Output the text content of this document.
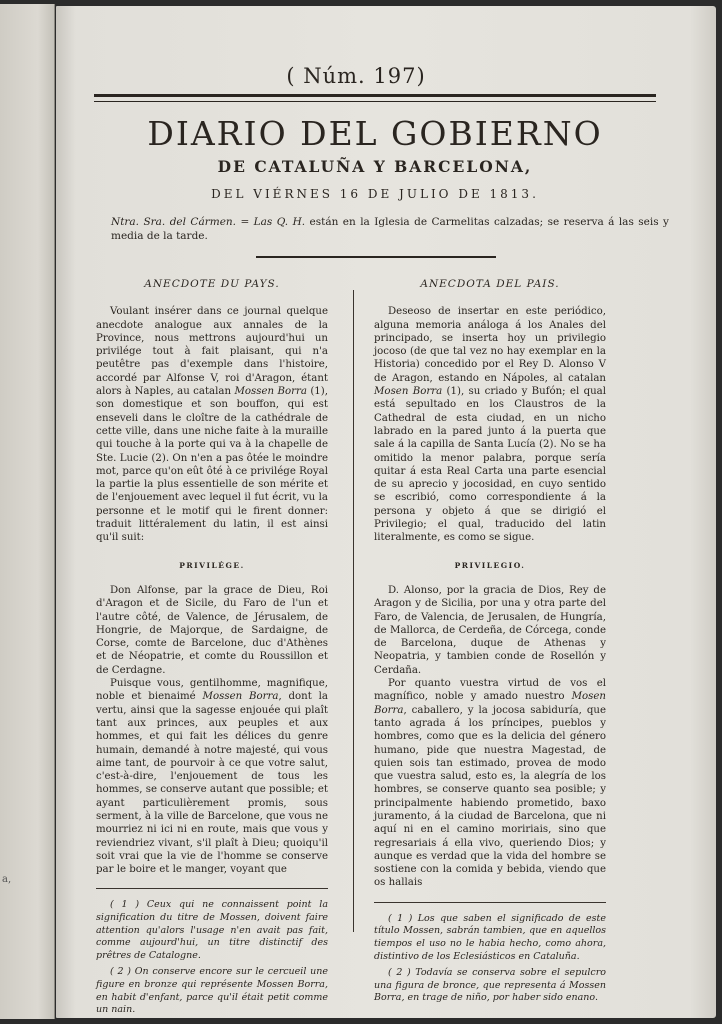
a,
( Núm. 197)
DIARIO DEL GOBIERNO
DE CATALUÑA Y BARCELONA,
DEL VIÉRNES 16 DE JULIO DE 1813.
Ntra. Sra. del Cármen. = Las Q. H. están en la Iglesia de Carmelitas calzadas; se reserva á las seis y media de la tarde.
ANECDOTE DU PAYS.

Voulant insérer dans ce journal quelque anecdote analogue aux annales de la Province, nous mettrons aujourd'hui un privilége tout à fait plaisant, qui n'a peutêtre pas d'exemple dans l'histoire, accordé par Alfonse V, roi d'Aragon, étant alors à Naples, au catalan Mossen Borra (1), son domestique et son bouffon, qui est enseveli dans le cloître de la cathédrale de cette ville, dans une niche faite à la muraille qui touche à la porte qui va à la chapelle de Ste. Lucie (2). On n'en a pas ôtée le moindre mot, parce qu'on eût ôté à ce privilége Royal la partie la plus essentielle de son mérite et de l'enjouement avec lequel il fut écrit, vu la personne et le motif qui le firent donner: traduit littéralement du latin, il est ainsi qu'il suit:

PRIVILÉGE.

Don Alfonse, par la grace de Dieu, Roi d'Aragon et de Sicile, du Faro de l'un et l'autre côté, de Valence, de Jérusalem, de Hongrie, de Majorque, de Sardaigne, de Corse, comte de Barcelone, duc d'Athènes et de Néopatrie, et comte du Roussillon et de Cerdagne.

Puisque vous, gentilhomme, magnifique, noble et bienaimé Mossen Borra, dont la vertu, ainsi que la sagesse enjouée qui plaît tant aux princes, aux peuples et aux hommes, et qui fait les délices du genre humain, demandé à notre majesté, qui vous aime tant, de pourvoir à ce que votre salut, c'est-à-dire, l'enjouement de tous les hommes, se conserve autant que possible; et ayant particulièrement promis, sous serment, à la ville de Barcelone, que vous ne mourriez ni ici ni en route, mais que vous y reviendriez vivant, s'il plaît à Dieu; quoiqu'il soit vrai que la vie de l'homme se conserve par le boire et le manger, voyant que

( 1 ) Ceux qui ne connaissent point la signification du titre de Mossen, doivent faire attention qu'alors l'usage n'en avait pas fait, comme aujourd'hui, un titre distinctif des prêtres de Catalogne.

( 2 ) On conserve encore sur le cercueil une figure en bronze qui représente Mossen Borra, en habit d'enfant, parce qu'il était petit comme un nain.

ANECDOTA DEL PAIS.

Deseoso de insertar en este periódico, alguna memoria análoga á los Anales del principado, se inserta hoy un privilegio jocoso (de que tal vez no hay exemplar en la Historia) concedido por el Rey D. Alonso V de Aragon, estando en Nápoles, al catalan Mosen Borra (1), su criado y Bufón; el qual está sepultado en los Claustros de la Cathedral de esta ciudad, en un nicho labrado en la pared junto á la puerta que sale á la capilla de Santa Lucía (2). No se ha omitido la menor palabra, porque sería quitar á esta Real Carta una parte esencial de su aprecio y jocosidad, en cuyo sentido se escribió, como correspondiente á la persona y objeto á que se dirigió el Privilegio; el qual, traducido del latin literalmente, es como se sigue.

PRIVILEGIO.

D. Alonso, por la gracia de Dios, Rey de Aragon y de Sicilia, por una y otra parte del Faro, de Valencia, de Jerusalen, de Hungría, de Mallorca, de Cerdeña, de Córcega, conde de Barcelona, duque de Athenas y Neopatria, y tambien conde de Rosellón y Cerdaña.

Por quanto vuestra virtud de vos el magnífico, noble y amado nuestro Mosen Borra, caballero, y la jocosa sabiduría, que tanto agrada á los príncipes, pueblos y hombres, como que es la delicia del género humano, pide que nuestra Magestad, de quien sois tan estimado, provea de modo que vuestra salud, esto es, la alegría de los hombres, se conserve quanto sea posible; y principalmente habiendo prometido, baxo juramento, á la ciudad de Barcelona, que ni aquí ni en el camino moririais, sino que regresariais á ella vivo, queriendo Dios; y aunque es verdad que la vida del hombre se sostiene con la comida y bebida, viendo que os hallais

( 1 ) Los que saben el significado de este título Mossen, sabrán tambien, que en aquellos tiempos el uso no le habia hecho, como ahora, distintivo de los Eclesiásticos en Cataluña.

( 2 ) Todavía se conserva sobre el sepulcro una figura de bronce, que representa á Mossen Borra, en trage de niño, por haber sido enano.
